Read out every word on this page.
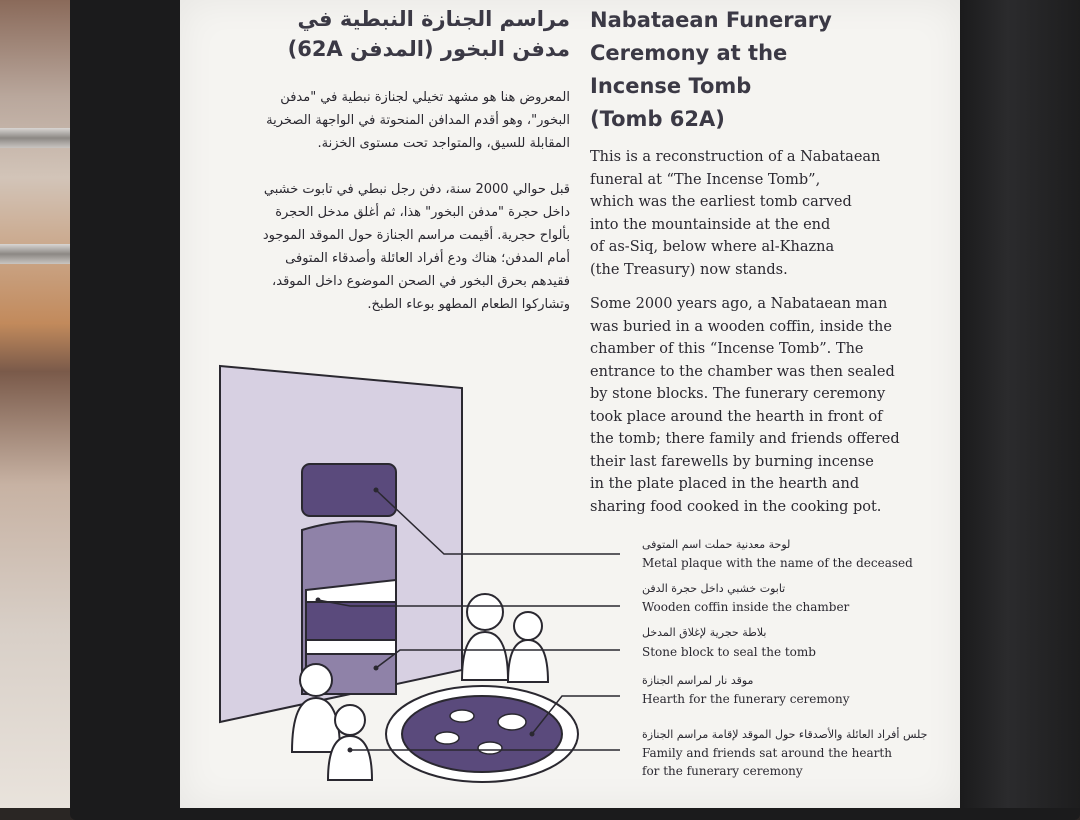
مراسم الجنازة النبطية في
مدفن البخور (المدفن 62A)
المعروض هنا هو مشهد تخيلي لجنازة نبطية في "مدفن
البخور"، وهو أقدم المدافن المنحوتة في الواجهة الصخرية
المقابلة للسيق، والمتواجد تحت مستوى الخزنة.
قبل حوالي 2000 سنة، دفن رجل نبطي في تابوت خشبي
داخل حجرة "مدفن البخور" هذا، ثم أغلق مدخل الحجرة
بألواح حجرية. أقيمت مراسم الجنازة حول الموقد الموجود
أمام المدفن؛ هناك ودع أفراد العائلة وأصدقاء المتوفى
فقيدهم بحرق البخور في الصحن الموضوع داخل الموقد،
وتشاركوا الطعام المطهو بوعاء الطبخ.
Nabataean Funerary
Ceremony at the
Incense Tomb
(Tomb 62A)
This is a reconstruction of a Nabataean
funeral at “The Incense Tomb”,
which was the earliest tomb carved
into the mountainside at the end
of as-Siq, below where al-Khazna
(the Treasury) now stands.
Some 2000 years ago, a Nabataean man
was buried in a wooden coffin, inside the
chamber of this “Incense Tomb”. The
entrance to the chamber was then sealed
by stone blocks. The funerary ceremony
took place around the hearth in front of
the tomb; there family and friends offered
their last farewells by burning incense
in the plate placed in the hearth and
sharing food cooked in the cooking pot.
لوحة معدنية حملت اسم المتوفى
Metal plaque with the name of the deceased
تابوت خشبي داخل حجرة الدفن
Wooden coffin inside the chamber
بلاطة حجرية لإغلاق المدخل
Stone block to seal the tomb
موقد نار لمراسم الجنازة
Hearth for the funerary ceremony
جلس أفراد العائلة والأصدقاء حول الموقد لإقامة مراسم الجنازة
Family and friends sat around the hearth
for the funerary ceremony
